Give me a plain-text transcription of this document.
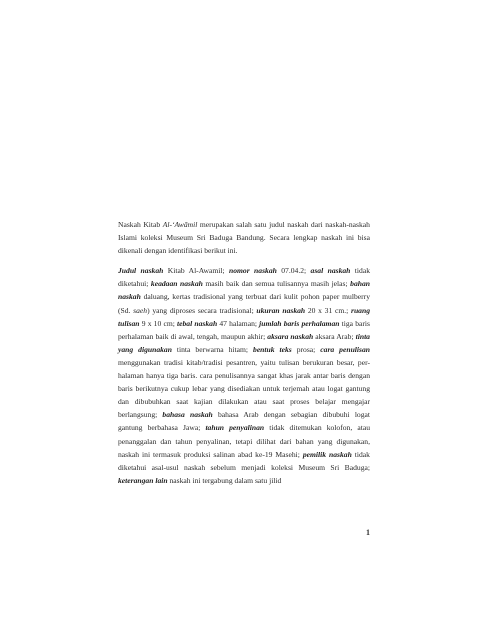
Naskah Kitab Al-‘Awāmil merupakan salah satu judul naskah dari naskah-naskah Islami koleksi Museum Sri Baduga Bandung. Secara lengkap naskah ini bisa dikenali dengan identifikasi berikut ini.

Judul naskah Kitab Al-Awamil; nomor naskah 07.04.2; asal naskah tidak diketahui; keadaan naskah masih baik dan semua tulisannya masih jelas; bahan naskah daluang, kertas tradisional yang terbuat dari kulit pohon paper mulberry (Sd. saeh) yang diproses secara tradisional; ukuran naskah 20 x 31 cm.; ruang tulisan 9 x 10 cm; tebal naskah 47 halaman; jumlah baris perhalaman tiga baris perhalaman baik di awal, tengah, maupun akhir; aksara naskah aksara Arab; tinta yang digunakan tinta berwarna hitam; bentuk teks prosa; cara penulisan menggunakan tradisi kitab/tradisi pesantren, yaitu tulisan berukuran besar, per-halaman hanya tiga baris. cara penulisannya sangat khas jarak antar baris dengan baris berikutnya cukup lebar yang disediakan untuk terjemah atau logat gantung dan dibubuhkan saat kajian dilakukan atau saat proses belajar mengajar berlangsung; bahasa naskah bahasa Arab dengan sebagian dibubuhi logat gantung berbahasa Jawa; tahun penyalinan tidak ditemukan kolofon, atau penanggalan dan tahun penyalinan, tetapi dilihat dari bahan yang digunakan, naskah ini termasuk produksi salinan abad ke-19 Masehi; pemilik naskah tidak diketahui asal-usul naskah sebelum menjadi koleksi Museum Sri Baduga; keterangan lain naskah ini tergabung dalam satu jilid

1
